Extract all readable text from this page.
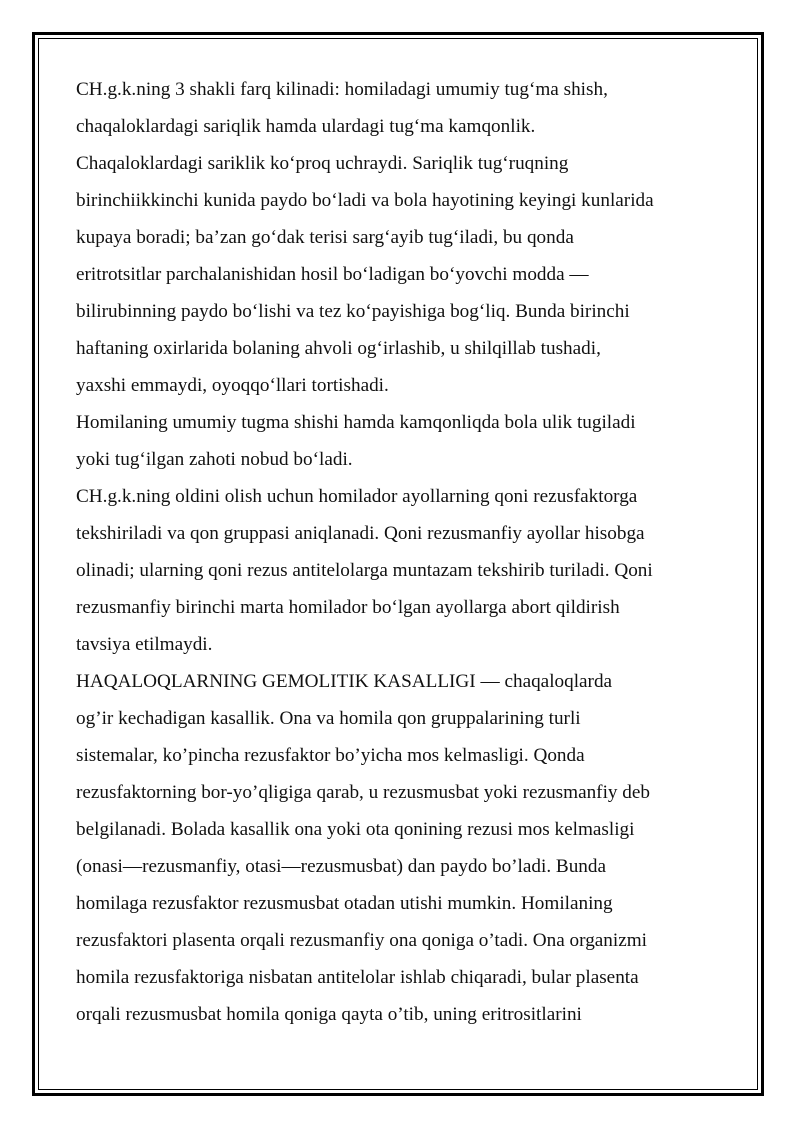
CH.g.k.ning 3 shakli farq kilinadi: homiladagi umumiy tug‘ma shish,
chaqaloklardagi sariqlik hamda ulardagi tug‘ma kamqonlik.
Chaqaloklardagi sariklik ko‘proq uchraydi. Sariqlik tug‘ruqning
birinchiikkinchi kunida paydo bo‘ladi va bola hayotining keyingi kunlarida
kupaya boradi; ba’zan go‘dak terisi sarg‘ayib tug‘iladi, bu qonda
eritrotsitlar parchalanishidan hosil bo‘ladigan bo‘yovchi modda —
bilirubinning paydo bo‘lishi va tez ko‘payishiga bog‘liq. Bunda birinchi
haftaning oxirlarida bolaning ahvoli og‘irlashib, u shilqillab tushadi,
yaxshi emmaydi, oyoqqo‘llari tortishadi.
Homilaning umumiy tugma shishi hamda kamqonliqda bola ulik tugiladi
yoki tug‘ilgan zahoti nobud bo‘ladi.
CH.g.k.ning oldini olish uchun homilador ayollarning qoni rezusfaktorga
tekshiriladi va qon gruppasi aniqlanadi. Qoni rezusmanfiy ayollar hisobga
olinadi; ularning qoni rezus antitelolarga muntazam tekshirib turiladi. Qoni
rezusmanfiy birinchi marta homilador bo‘lgan ayollarga abort qildirish
tavsiya etilmaydi.
HAQALOQLARNING GEMOLITIK KASALLIGI — chaqaloqlarda
og’ir kechadigan kasallik. Ona va homila qon gruppalarining turli
sistemalar, ko’pincha rezusfaktor bo’yicha mos kelmasligi. Qonda
rezusfaktorning bor-yo’qligiga qarab, u rezusmusbat yoki rezusmanfiy deb
belgilanadi. Bolada kasallik ona yoki ota qonining rezusi mos kelmasligi
(onasi—rezusmanfiy, otasi—rezusmusbat) dan paydo bo’ladi. Bunda
homilaga rezusfaktor rezusmusbat otadan utishi mumkin. Homilaning
rezusfaktori plasenta orqali rezusmanfiy ona qoniga o’tadi. Ona organizmi
homila rezusfaktoriga nisbatan antitelolar ishlab chiqaradi, bular plasenta
orqali rezusmusbat homila qoniga qayta o’tib, uning eritrositlarini
